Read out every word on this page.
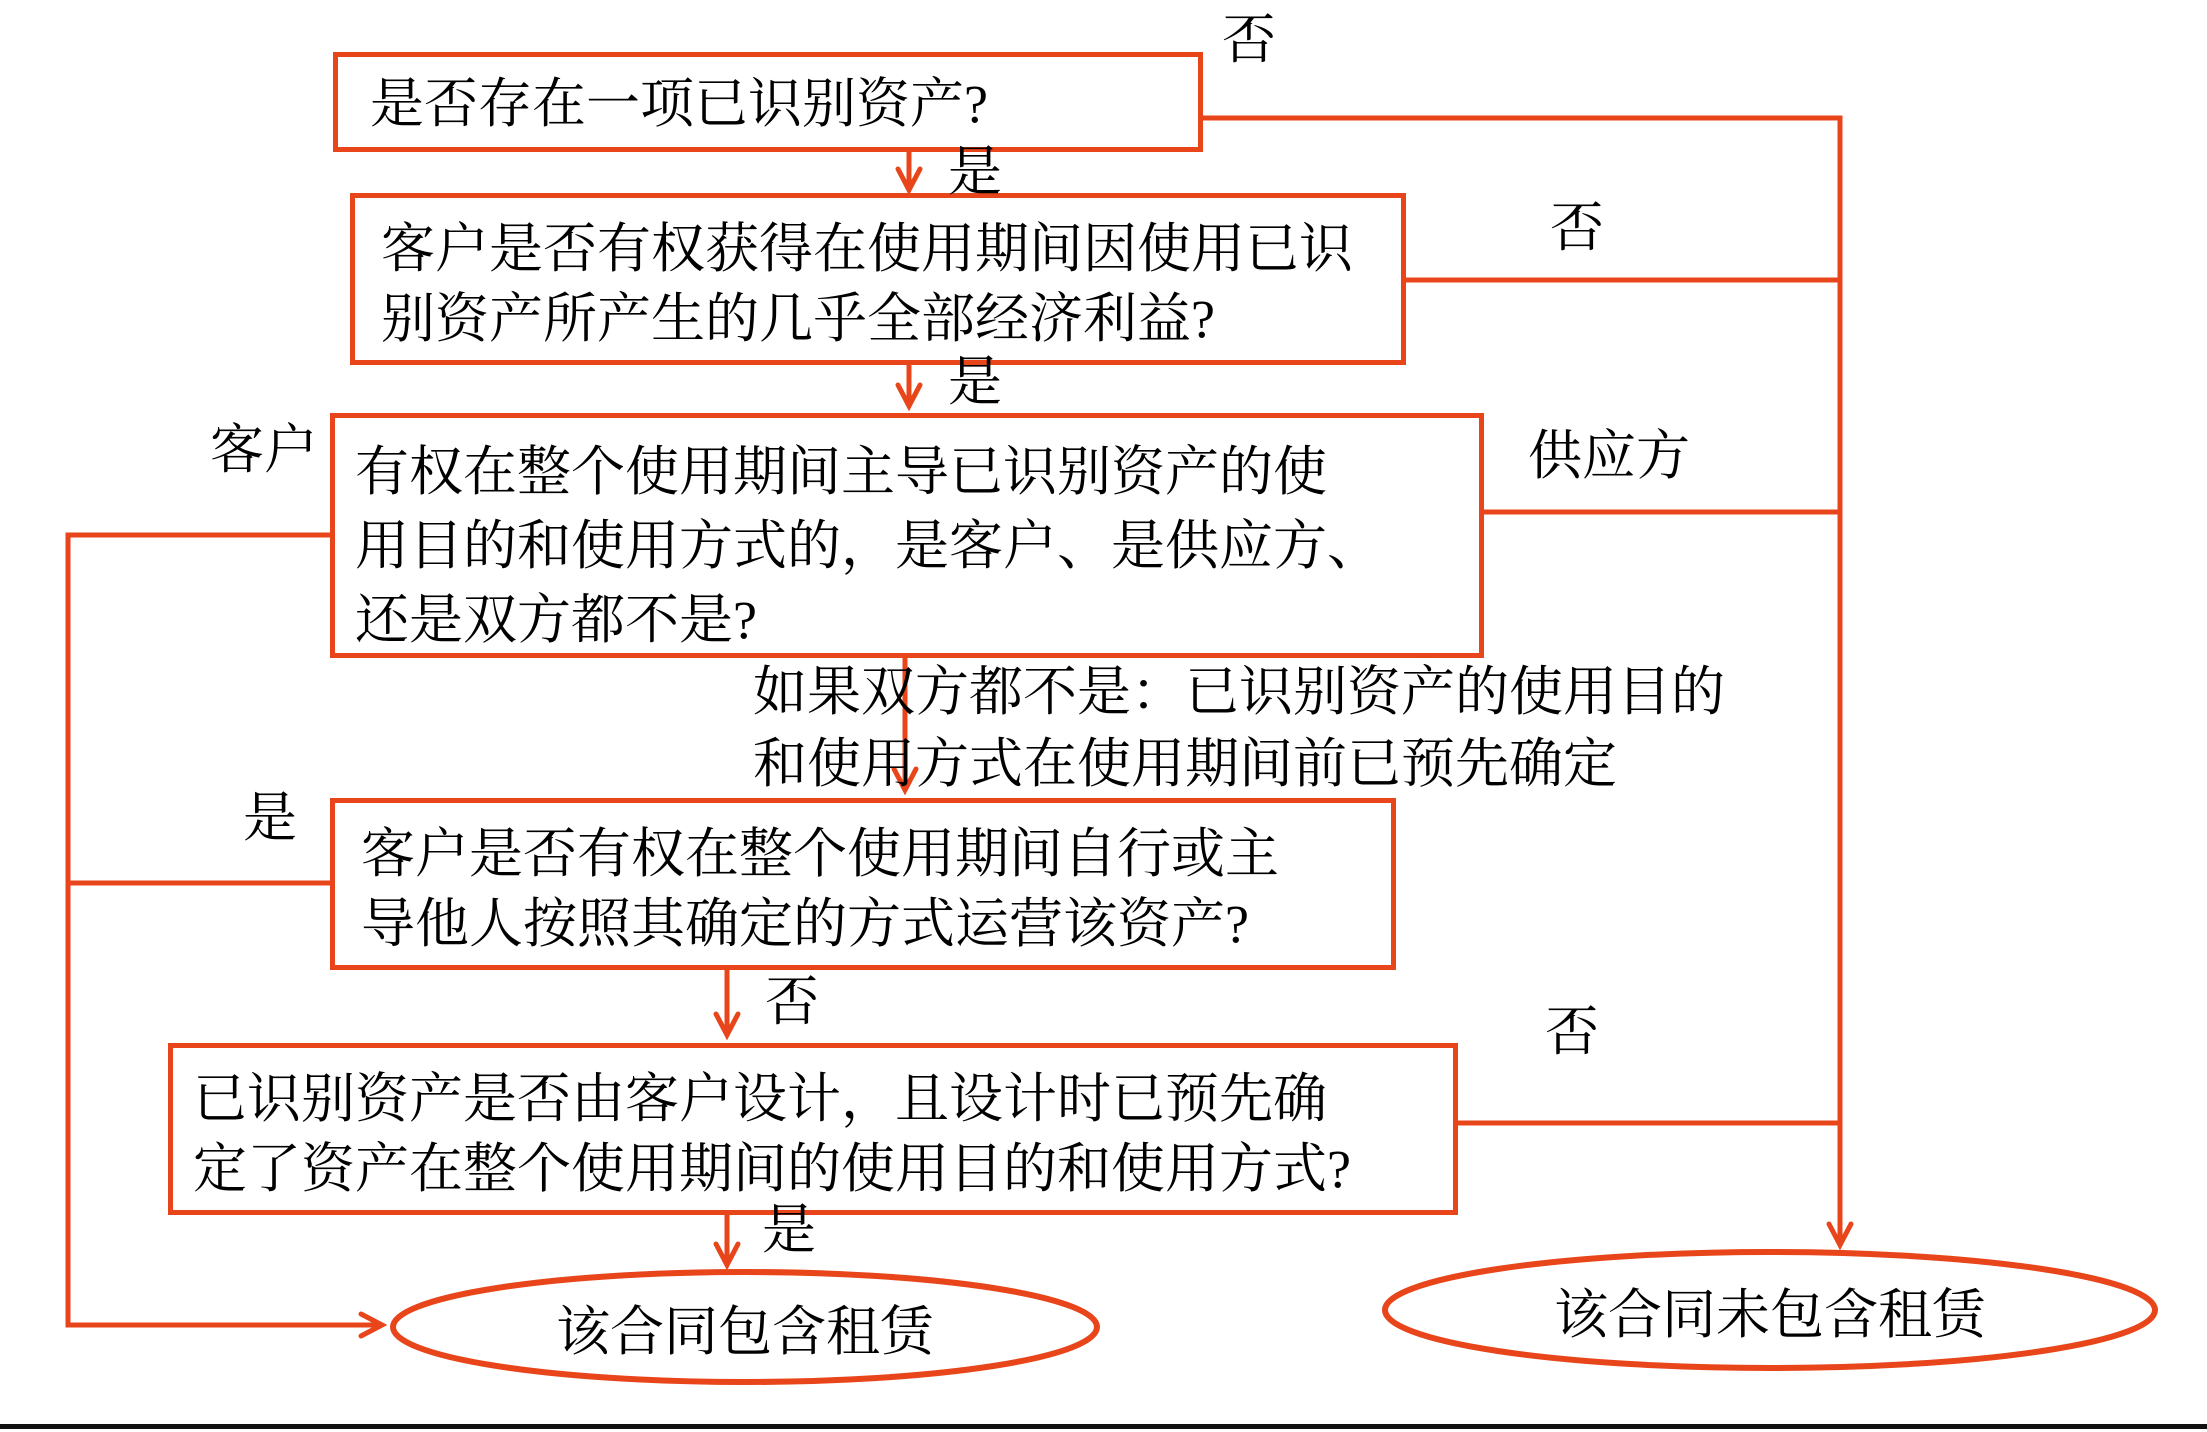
是否存在一项已识别资产?
客户是否有权获得在使用期间因使用已识
别资产所产生的几乎全部经济利益?
有权在整个使用期间主导已识别资产的使
用目的和使用方式的，是客户、是供应方、
还是双方都不是?
客户是否有权在整个使用期间自行或主
导他人按照其确定的方式运营该资产?
已识别资产是否由客户设计，且设计时已预先确
定了资产在整个使用期间的使用目的和使用方式?
否
是
否
是
客户	供应方
如果双方都不是：已识别资产的使用目的
和使用方式在使用期间前已预先确定
是
否	否
是
该合同包含租赁	该合同未包含租赁
